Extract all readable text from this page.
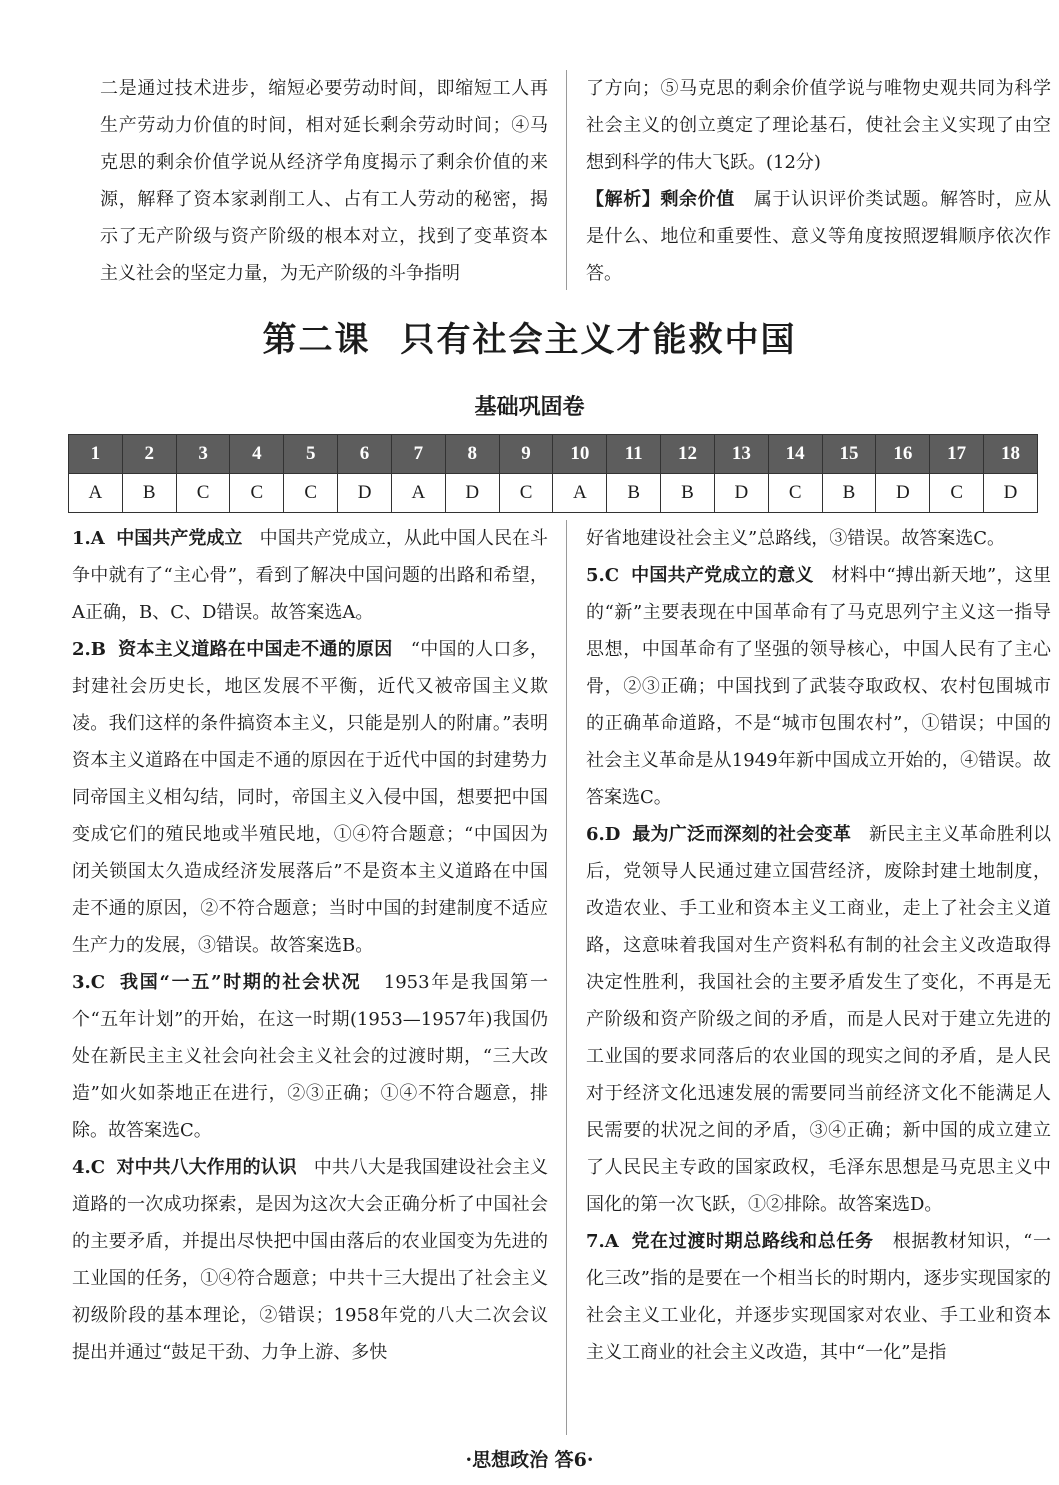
二是通过技术进步，缩短必要劳动时间，即缩短工人再生产劳动力价值的时间，相对延长剩余劳动时间；④马克思的剩余价值学说从经济学角度揭示了剩余价值的来源，解释了资本家剥削工人、占有工人劳动的秘密，揭示了无产阶级与资产阶级的根本对立，找到了变革资本主义社会的坚定力量，为无产阶级的斗争指明

了方向；⑤马克思的剩余价值学说与唯物史观共同为科学社会主义的创立奠定了理论基石，使社会主义实现了由空想到科学的伟大飞跃。(12分)

【解析】剩余价值 属于认识评价类试题。解答时，应从是什么、地位和重要性、意义等角度按照逻辑顺序依次作答。

第二课 只有社会主义才能救中国
基础巩固卷
1	2	3	4	5	6	7	8	9	10	11	12	13	14	15	16	17	18
A	B	C	C	C	D	A	D	C	A	B	B	D	C	B	D	C	D

1.A 中国共产党成立 中国共产党成立，从此中国人民在斗争中就有了“主心骨”，看到了解决中国问题的出路和希望，A正确，B、C、D错误。故答案选A。

2.B 资本主义道路在中国走不通的原因 “中国的人口多，封建社会历史长，地区发展不平衡，近代又被帝国主义欺凌。我们这样的条件搞资本主义，只能是别人的附庸。”表明资本主义道路在中国走不通的原因在于近代中国的封建势力同帝国主义相勾结，同时，帝国主义入侵中国，想要把中国变成它们的殖民地或半殖民地，①④符合题意；“中国因为闭关锁国太久造成经济发展落后”不是资本主义道路在中国走不通的原因，②不符合题意；当时中国的封建制度不适应生产力的发展，③错误。故答案选B。

3.C 我国“一五”时期的社会状况 1953年是我国第一个“五年计划”的开始，在这一时期(1953—1957年)我国仍处在新民主主义社会向社会主义社会的过渡时期，“三大改造”如火如荼地正在进行，②③正确；①④不符合题意，排除。故答案选C。

4.C 对中共八大作用的认识 中共八大是我国建设社会主义道路的一次成功探索，是因为这次大会正确分析了中国社会的主要矛盾，并提出尽快把中国由落后的农业国变为先进的工业国的任务，①④符合题意；中共十三大提出了社会主义初级阶段的基本理论，②错误；1958年党的八大二次会议提出并通过“鼓足干劲、力争上游、多快

好省地建设社会主义”总路线，③错误。故答案选C。

5.C 中国共产党成立的意义 材料中“搏出新天地”，这里的“新”主要表现在中国革命有了马克思列宁主义这一指导思想，中国革命有了坚强的领导核心，中国人民有了主心骨，②③正确；中国找到了武装夺取政权、农村包围城市的正确革命道路，不是“城市包围农村”，①错误；中国的社会主义革命是从1949年新中国成立开始的，④错误。故答案选C。

6.D 最为广泛而深刻的社会变革 新民主主义革命胜利以后，党领导人民通过建立国营经济，废除封建土地制度，改造农业、手工业和资本主义工商业，走上了社会主义道路，这意味着我国对生产资料私有制的社会主义改造取得决定性胜利，我国社会的主要矛盾发生了变化，不再是无产阶级和资产阶级之间的矛盾，而是人民对于建立先进的工业国的要求同落后的农业国的现实之间的矛盾，是人民对于经济文化迅速发展的需要同当前经济文化不能满足人民需要的状况之间的矛盾，③④正确；新中国的成立建立了人民民主专政的国家政权，毛泽东思想是马克思主义中国化的第一次飞跃，①②排除。故答案选D。

7.A 党在过渡时期总路线和总任务 根据教材知识，“一化三改”指的是要在一个相当长的时期内，逐步实现国家的社会主义工业化，并逐步实现国家对农业、手工业和资本主义工商业的社会主义改造，其中“一化”是指

·思想政治 答6·
